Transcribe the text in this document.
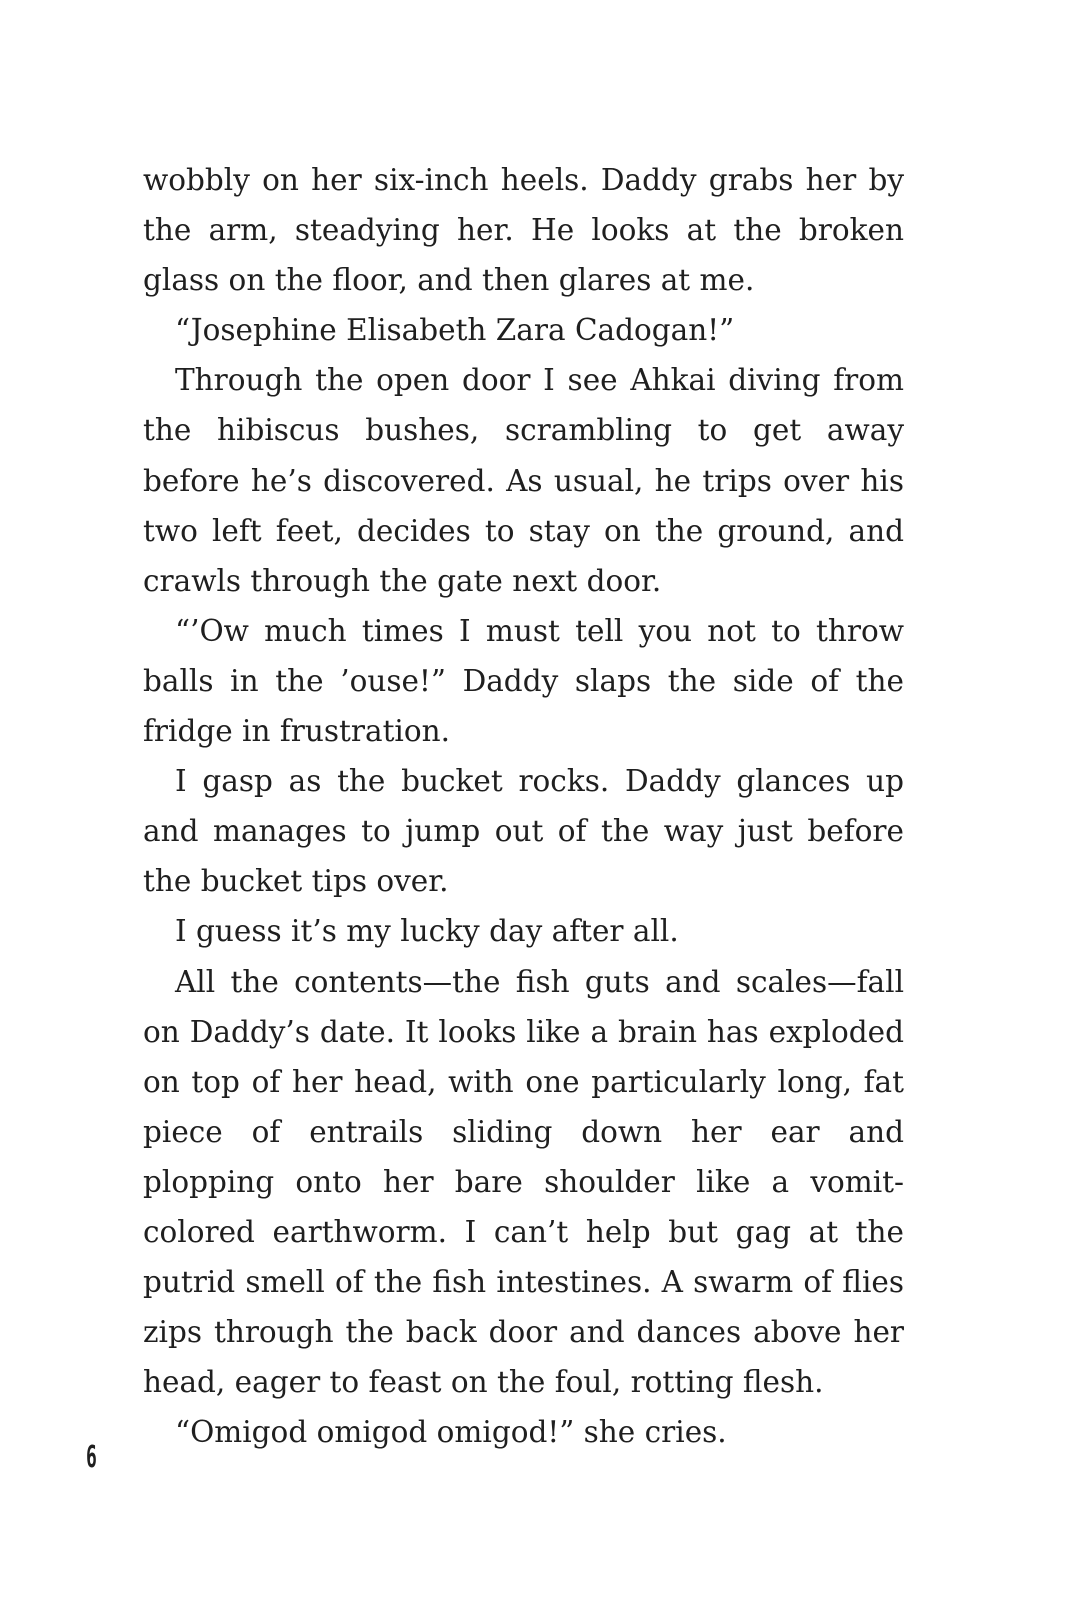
wobbly on her six-inch heels. Daddy grabs her by the arm, steadying her. He looks at the broken glass on the floor, and then glares at me.

“Josephine Elisabeth Zara Cadogan!”

Through the open door I see Ahkai diving from the hibiscus bushes, scrambling to get away before he’s discovered. As usual, he trips over his two left feet, decides to stay on the ground, and crawls through the gate next door.

“’Ow much times I must tell you not to throw balls in the ’ouse!” Daddy slaps the side of the fridge in frustration.

I gasp as the bucket rocks. Daddy glances up and manages to jump out of the way just before the bucket tips over.

I guess it’s my lucky day after all.

All the contents—the fish guts and scales—fall on Daddy’s date. It looks like a brain has exploded on top of her head, with one particularly long, fat piece of entrails sliding down her ear and plopping onto her bare shoulder like a vomit-colored earthworm. I can’t help but gag at the putrid smell of the fish intestines. A swarm of flies zips through the back door and dances above her head, eager to feast on the foul, rotting flesh.

“Omigod omigod omigod!” she cries.

6
